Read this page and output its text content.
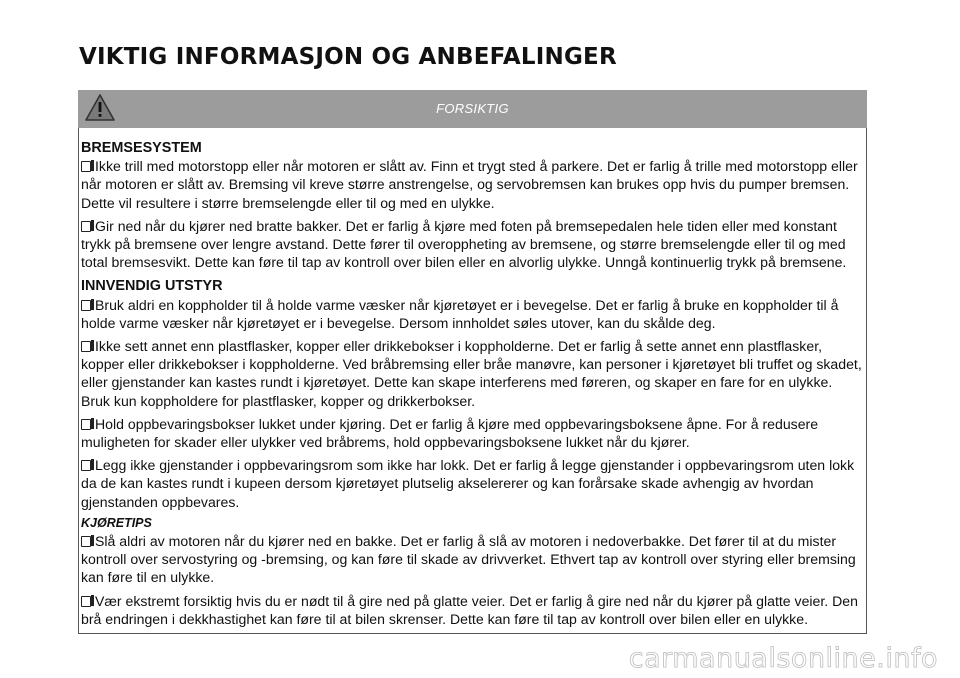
VIKTIG INFORMASJON OG ANBEFALINGER
FORSIKTIG

BREMSESYSTEM

Ikke trill med motorstopp eller når motoren er slått av. Finn et trygt sted å parkere. Det er farlig å trille med motorstopp eller når motoren er slått av. Bremsing vil kreve større anstrengelse, og servobremsen kan brukes opp hvis du pumper bremsen. Dette vil resultere i større bremselengde eller til og med en ulykke.

Gir ned når du kjører ned bratte bakker. Det er farlig å kjøre med foten på bremsepedalen hele tiden eller med konstant trykk på bremsene over lengre avstand. Dette fører til overoppheting av bremsene, og større bremselengde eller til og med total bremsesvikt. Dette kan føre til tap av kontroll over bilen eller en alvorlig ulykke. Unngå kontinuerlig trykk på bremsene.

INNVENDIG UTSTYR

Bruk aldri en koppholder til å holde varme væsker når kjøretøyet er i bevegelse. Det er farlig å bruke en koppholder til å holde varme væsker når kjøretøyet er i bevegelse. Dersom innholdet søles utover, kan du skålde deg.

Ikke sett annet enn plastflasker, kopper eller drikkebokser i koppholderne. Det er farlig å sette annet enn plastflasker, kopper eller drikkebokser i koppholderne. Ved bråbremsing eller bråe manøvre, kan personer i kjøretøyet bli truffet og skadet, eller gjenstander kan kastes rundt i kjøretøyet. Dette kan skape interferens med føreren, og skaper en fare for en ulykke. Bruk kun koppholdere for plastflasker, kopper og drikkerbokser.

Hold oppbevaringsbokser lukket under kjøring. Det er farlig å kjøre med oppbevaringsboksene åpne. For å redusere muligheten for skader eller ulykker ved bråbrems, hold oppbevaringsboksene lukket når du kjører.

Legg ikke gjenstander i oppbevaringsrom som ikke har lokk. Det er farlig å legge gjenstander i oppbevaringsrom uten lokk da de kan kastes rundt i kupeen dersom kjøretøyet plutselig akselererer og kan forårsake skade avhengig av hvordan gjenstanden oppbevares.

KJØRETIPS

Slå aldri av motoren når du kjører ned en bakke. Det er farlig å slå av motoren i nedoverbakke. Det fører til at du mister kontroll over servostyring og -bremsing, og kan føre til skade av drivverket. Ethvert tap av kontroll over styring eller bremsing kan føre til en ulykke.

Vær ekstremt forsiktig hvis du er nødt til å gire ned på glatte veier. Det er farlig å gire ned når du kjører på glatte veier. Den brå endringen i dekkhastighet kan føre til at bilen skrenser. Dette kan føre til tap av kontroll over bilen eller en ulykke.

carmanualsonline.info
